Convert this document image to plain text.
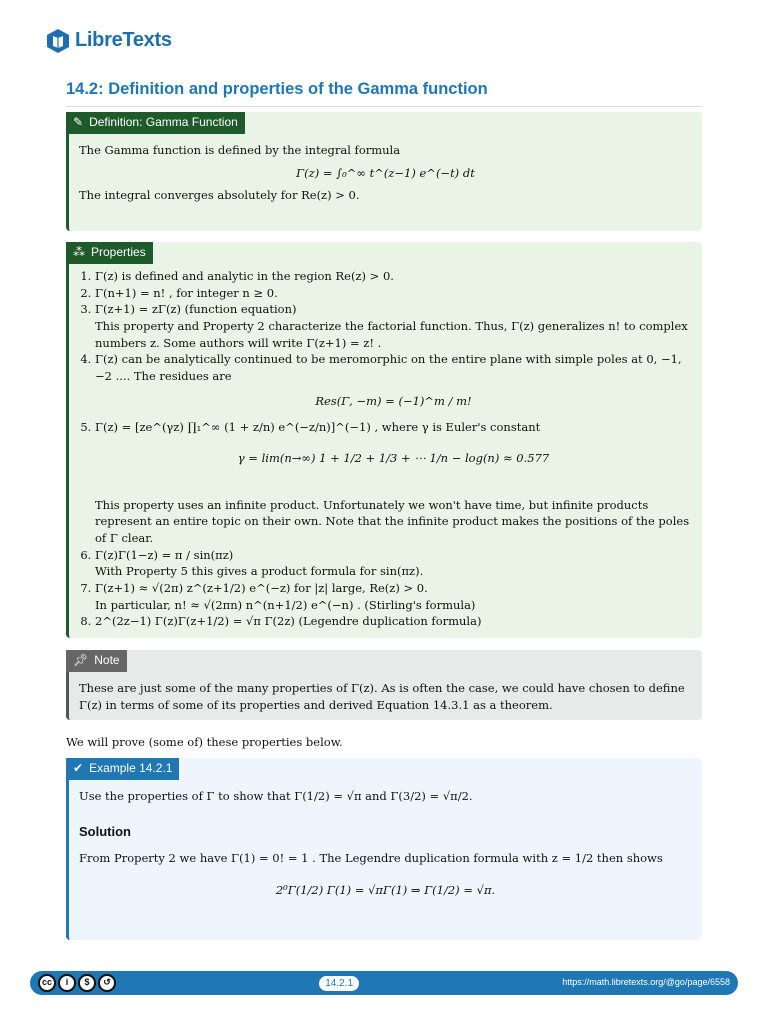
LibreTexts
14.2: Definition and properties of the Gamma function
✎ Definition: Gamma Function

The Gamma function is defined by the integral formula

Γ(z) = ∫₀^∞ t^(z−1) e^(−t) dt

The integral converges absolutely for Re(z) > 0.

⁂ Properties
1. Γ(z) is defined and analytic in the region Re(z) > 0.
2. Γ(n+1) = n! , for integer n ≥ 0.
3. Γ(z+1) = zΓ(z) (function equation)
This property and Property 2 characterize the factorial function. Thus, Γ(z) generalizes n! to complex numbers z. Some authors will write Γ(z+1) = z! .
4. Γ(z) can be analytically continued to be meromorphic on the entire plane with simple poles at 0, −1, −2 .... The residues are
Res(Γ, −m) = (−1)^m / m!
5. Γ(z) = [ze^(γz) ∏₁^∞ (1 + z/n) e^(−z/n)]^(−1) , where γ is Euler's constant
γ = lim(n→∞) 1 + 1/2 + 1/3 + ⋯ 1/n − log(n) ≈ 0.577
This property uses an infinite product. Unfortunately we won't have time, but infinite products represent an entire topic on their own. Note that the infinite product makes the positions of the poles of Γ clear.
6. Γ(z)Γ(1−z) = π / sin(πz)
With Property 5 this gives a product formula for sin(πz).
7. Γ(z+1) ≈ √(2π) z^(z+1/2) e^(−z) for |z| large, Re(z) > 0.
In particular, n! ≈ √(2πn) n^(n+1/2) e^(−n) . (Stirling's formula)
8. 2^(2z−1) Γ(z)Γ(z+1/2) = √π Γ(2z) (Legendre duplication formula)
📌︎ Note

These are just some of the many properties of Γ(z). As is often the case, we could have chosen to define Γ(z) in terms of some of its properties and derived Equation 14.3.1 as a theorem.

We will prove (some of) these properties below.

✔ Example 14.2.1

Use the properties of Γ to show that Γ(1/2) = √π and Γ(3/2) = √π/2.

Solution

From Property 2 we have Γ(1) = 0! = 1 . The Legendre duplication formula with z = 1/2 then shows

2⁰Γ(1/2) Γ(1) = √πΓ(1) ⇒ Γ(1/2) = √π.
cc	i	$	↺	14.2.1	https://math.libretexts.org/@go/page/6558
